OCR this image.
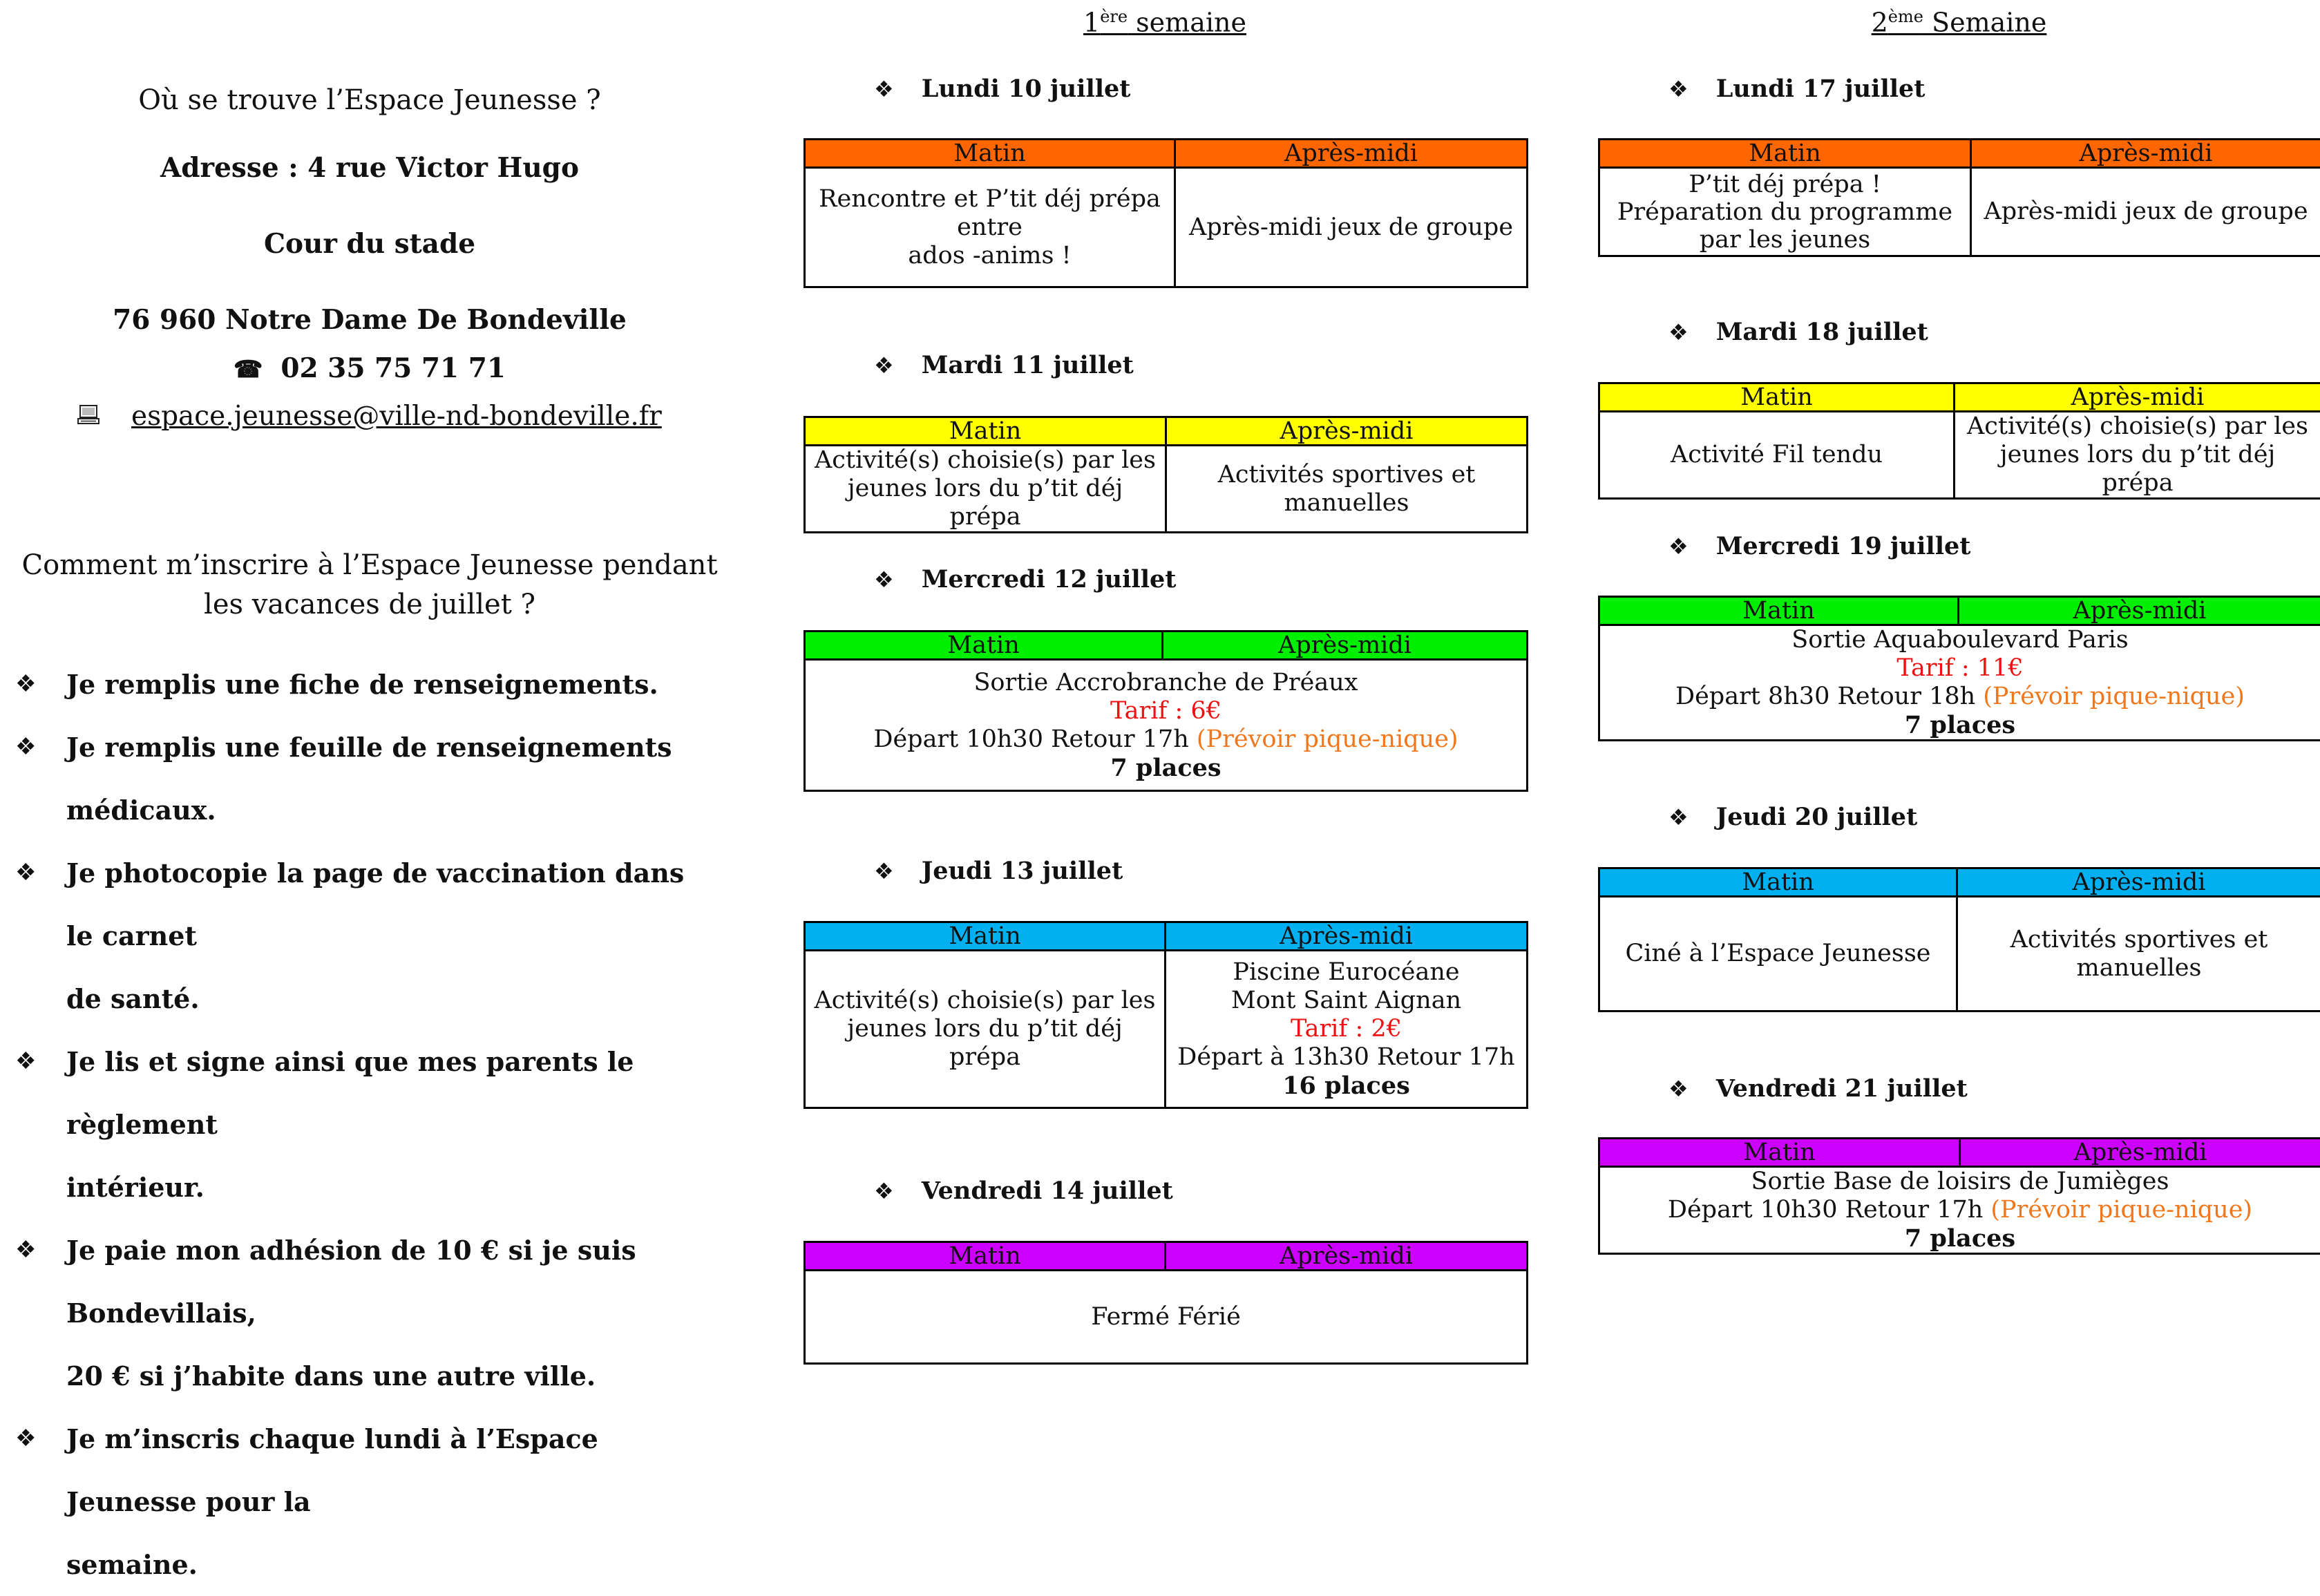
Où se trouve l’Espace Jeunesse ?
Adresse : 4 rue Victor Hugo
Cour du stade
76 960 Notre Dame De Bondeville
☎ 02 35 75 71 71
espace.jeunesse@ville-nd-bondeville.fr
Comment m’inscrire à l’Espace Jeunesse pendant
les vacances de juillet ?
❖ Je remplis une fiche de renseignements.
❖ Je remplis une feuille de renseignements médicaux.
❖ Je photocopie la page de vaccination dans le carnet
de santé.
❖ Je lis et signe ainsi que mes parents le règlement
intérieur.
❖ Je paie mon adhésion de 10 € si je suis Bondevillais,
20 € si j’habite dans une autre ville.
❖ Je m’inscris chaque lundi à l’Espace Jeunesse pour la
semaine.
1ère semaine
❖ Lundi 10 juillet
Matin	Après-midi

Rencontre et P’tit déj prépa
entre
ados -anims !	Après-midi jeux de groupe
❖ Mardi 11 juillet
Matin	Après-midi

Activité(s) choisie(s) par les
jeunes lors du p’tit déj prépa	Activités sportives et
manuelles
❖ Mercredi 12 juillet
Matin	Après-midi

Sortie Accrobranche de Préaux
Tarif : 6€
Départ 10h30 Retour 17h (Prévoir pique-nique)
7 places
❖ Jeudi 13 juillet
Matin	Après-midi

Activité(s) choisie(s) par les
jeunes lors du p’tit déj prépa	Piscine Eurocéane
Mont Saint Aignan
Tarif : 2€
Départ à 13h30 Retour 17h
16 places
❖ Vendredi 14 juillet
Matin	Après-midi
Fermé Férié
2ème Semaine
❖ Lundi 17 juillet
Matin	Après-midi

P’tit déj prépa !
Préparation du programme
par les jeunes	Après-midi jeux de groupe
❖ Mardi 18 juillet
Matin	Après-midi
Activité Fil tendu	Activité(s) choisie(s) par les
jeunes lors du p’tit déj prépa
❖ Mercredi 19 juillet
Matin	Après-midi

Sortie Aquaboulevard Paris
Tarif : 11€
Départ 8h30 Retour 18h (Prévoir pique-nique)
7 places
❖ Jeudi 20 juillet
Matin	Après-midi
Ciné à l’Espace Jeunesse	Activités sportives et
manuelles
❖ Vendredi 21 juillet
Matin	Après-midi

Sortie Base de loisirs de Jumièges
Départ 10h30 Retour 17h (Prévoir pique-nique)
7 places
